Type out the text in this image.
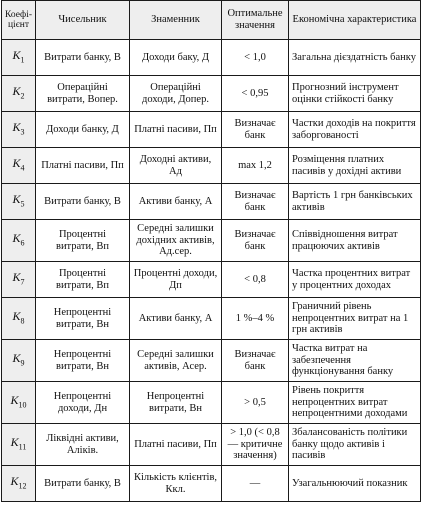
Коефі-
цієнт	Чисельник	Знаменник	Оптимальне значення	Економічна характеристика
$K_1$	Витрати банку, В	Доходи баку, Д	< 1,0	Загальна дієздатність банку
$K_2$	Операційні витрати, Вопер.	Операційні доходи, Допер.	< 0,95	Прогнозний інструмент оцінки стійкості банку
$K_3$	Доходи банку, Д	Платні пасиви, Пп	Визначає банк	Частки доходів на покриття заборгованості
$K_4$	Платні пасиви, Пп	Доходні активи, Ад	max 1,2	Розміщення платних пасивів у дохідні активи
$K_5$	Витрати банку, В	Активи банку, А	Визначає банк	Вартість 1 грн банківських активів
$K_6$	Процентні витрати, Вп	Середні залишки дохідних активів, Ад.сер.	Визначає банк	Співвідношення витрат працюючих активів
$K_7$	Процентні витрати, Вп	Процентні доходи, Дп	< 0,8	Частка процентних витрат у процентних доходах
$K_8$	Непроцентні витрати, Вн	Активи банку, А	1 %–4 %	Граничний рівень непроцентних витрат на 1 грн активів
$K_9$	Непроцентні витрати, Вн	Середні залишки активів, Асер.	Визначає банк	Частка витрат на забезпечення функціонування банку
$K_{10}$	Непроцентні доходи, Дн	Непроцентні витрати, Вн	> 0,5	Рівень покриття непроцентних витрат непроцентними доходами
$K_{11}$	Ліквідні активи, Аліків.	Платні пасиви, Пп	> 1,0 (< 0,8 — критичне значення)	Збалансованість політики банку щодо активів і пасивів
$K_{12}$	Витрати банку, В	Кількість клієнтів, Ккл.	—	Узагальнюючий показник
